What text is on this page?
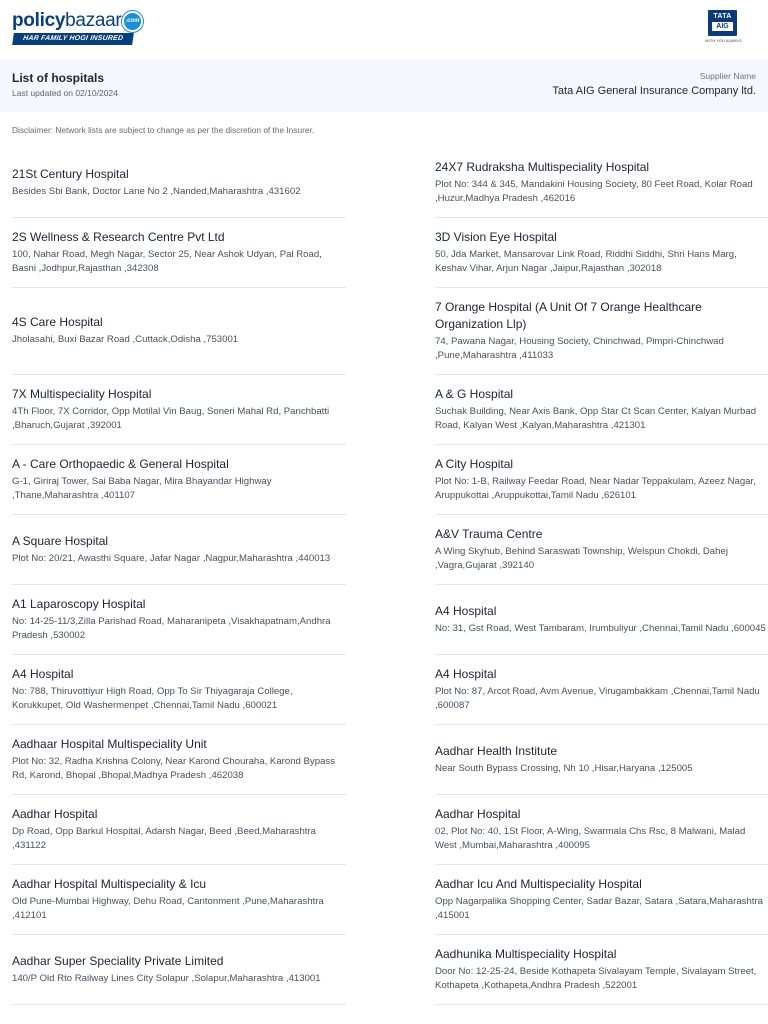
policybazaar .com
HAR FAMILY HOGI INSURED
TATA
AIG
WITH YOU ALWAYS
List of hospitals
Last updated on 02/10/2024
Supplier Name
Tata AIG General Insurance Company ltd.
Disclaimer: Network lists are subject to change as per the discretion of the Insurer.
21St Century Hospital
Besides Sbi Bank, Doctor Lane No 2 ,Nanded,Maharashtra ,431602
24X7 Rudraksha Multispeciality Hospital
Plot No: 344 & 345, Mandakini Housing Society, 80 Feet Road, Kolar Road ,Huzur,Madhya Pradesh ,462016
2S Wellness & Research Centre Pvt Ltd
100, Nahar Road, Megh Nagar, Sector 25, Near Ashok Udyan, Pal Road, Basni ,Jodhpur,Rajasthan ,342308
3D Vision Eye Hospital
50, Jda Market, Mansarovar Link Road, Riddhi Siddhi, Shri Hans Marg, Keshav Vihar, Arjun Nagar ,Jaipur,Rajasthan ,302018
4S Care Hospital
Jholasahi, Buxi Bazar Road ,Cuttack,Odisha ,753001
7 Orange Hospital (A Unit Of 7 Orange Healthcare Organization Llp)
74, Pawana Nagar, Housing Society, Chinchwad, Pimpri-Chinchwad ,Pune,Maharashtra ,411033
7X Multispeciality Hospital
4Th Floor, 7X Corridor, Opp Motilal Vin Baug, Soneri Mahal Rd, Panchbatti ,Bharuch,Gujarat ,392001
A & G Hospital
Suchak Building, Near Axis Bank, Opp Star Ct Scan Center, Kalyan Murbad Road, Kalyan West ,Kalyan,Maharashtra ,421301
A - Care Orthopaedic & General Hospital
G-1, Giriraj Tower, Sai Baba Nagar, Mira Bhayandar Highway ,Thane,Maharashtra ,401107
A City Hospital
Plot No: 1-B, Railway Feedar Road, Near Nadar Teppakulam, Azeez Nagar, Aruppukottai ,Aruppukottai,Tamil Nadu ,626101
A Square Hospital
Plot No: 20/21, Awasthi Square, Jafar Nagar ,Nagpur,Maharashtra ,440013
A&V Trauma Centre
A Wing Skyhub, Behind Saraswati Township, Welspun Chokdi, Dahej ,Vagra,Gujarat ,392140
A1 Laparoscopy Hospital
No: 14-25-11/3,Zilla Parishad Road, Maharanipeta ,Visakhapatnam,Andhra Pradesh ,530002
A4 Hospital
No: 31, Gst Road, West Tambaram, Irumbuliyur ,Chennai,Tamil Nadu ,600045
A4 Hospital
No: 788, Thiruvottiyur High Road, Opp To Sir Thiyagaraja College, Korukkupet, Old Washermenpet ,Chennai,Tamil Nadu ,600021
A4 Hospital
Plot No: 87, Arcot Road, Avm Avenue, Virugambakkam ,Chennai,Tamil Nadu ,600087
Aadhaar Hospital Multispeciality Unit
Plot No: 32, Radha Krishna Colony, Near Karond Chouraha, Karond Bypass Rd, Karond, Bhopal ,Bhopal,Madhya Pradesh ,462038
Aadhar Health Institute
Near South Bypass Crossing, Nh 10 ,Hisar,Haryana ,125005
Aadhar Hospital
Dp Road, Opp Barkul Hospital, Adarsh Nagar, Beed ,Beed,Maharashtra ,431122
Aadhar Hospital
02, Plot No: 40, 1St Floor, A-Wing, Swarmala Chs Rsc, 8 Malwani, Malad West ,Mumbai,Maharashtra ,400095
Aadhar Hospital Multispeciality & Icu
Old Pune-Mumbai Highway, Dehu Road, Cantonment ,Pune,Maharashtra ,412101
Aadhar Icu And Multispeciality Hospital
Opp Nagarpalika Shopping Center, Sadar Bazar, Satara ,Satara,Maharashtra ,415001
Aadhar Super Speciality Private Limited
140/P Old Rto Railway Lines City Solapur ,Solapur,Maharashtra ,413001
Aadhunika Multispeciality Hospital
Door No: 12-25-24, Beside Kothapeta Sivalayam Temple, Sivalayam Street, Kothapeta ,Kothapeta,Andhra Pradesh ,522001
